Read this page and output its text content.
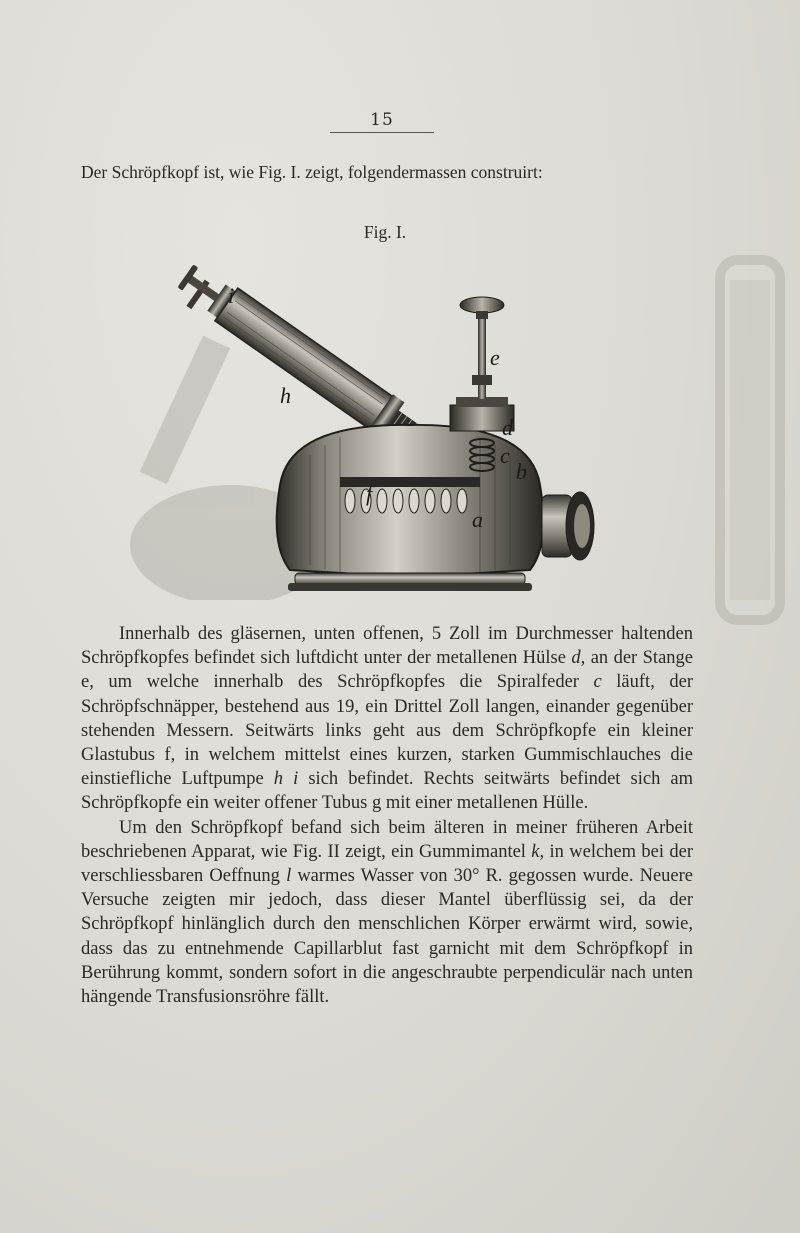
15
Der Schröpfkopf ist, wie Fig. I. zeigt, folgendermassen construirt:
Fig. I.
i
h
e
d
c
b
a
f

Innerhalb des gläsernen, unten offenen, 5 Zoll im Durchmesser haltenden Schröpfkopfes befindet sich luftdicht unter der metallenen Hülse d, an der Stange e, um welche innerhalb des Schröpfkopfes die Spiralfeder c läuft, der Schröpfschnäpper, bestehend aus 19, ein Drittel Zoll langen, einander gegenüber stehenden Messern. Seitwärts links geht aus dem Schröpfkopfe ein kleiner Glastubus f, in welchem mittelst eines kurzen, starken Gummischlauches die einstiefliche Luftpumpe h i sich befindet. Rechts seitwärts befindet sich am Schröpfkopfe ein weiter offener Tubus g mit einer metallenen Hülle.

Um den Schröpfkopf befand sich beim älteren in meiner früheren Arbeit beschriebenen Apparat, wie Fig. II zeigt, ein Gummimantel k, in welchem bei der verschliessbaren Oeffnung l warmes Wasser von 30° R. gegossen wurde. Neuere Versuche zeigten mir jedoch, dass dieser Mantel überflüssig sei, da der Schröpfkopf hinlänglich durch den menschlichen Körper erwärmt wird, sowie, dass das zu entnehmende Capillarblut fast garnicht mit dem Schröpfkopf in Berührung kommt, sondern sofort in die angeschraubte perpendiculär nach unten hängende Transfusionsröhre fällt.
